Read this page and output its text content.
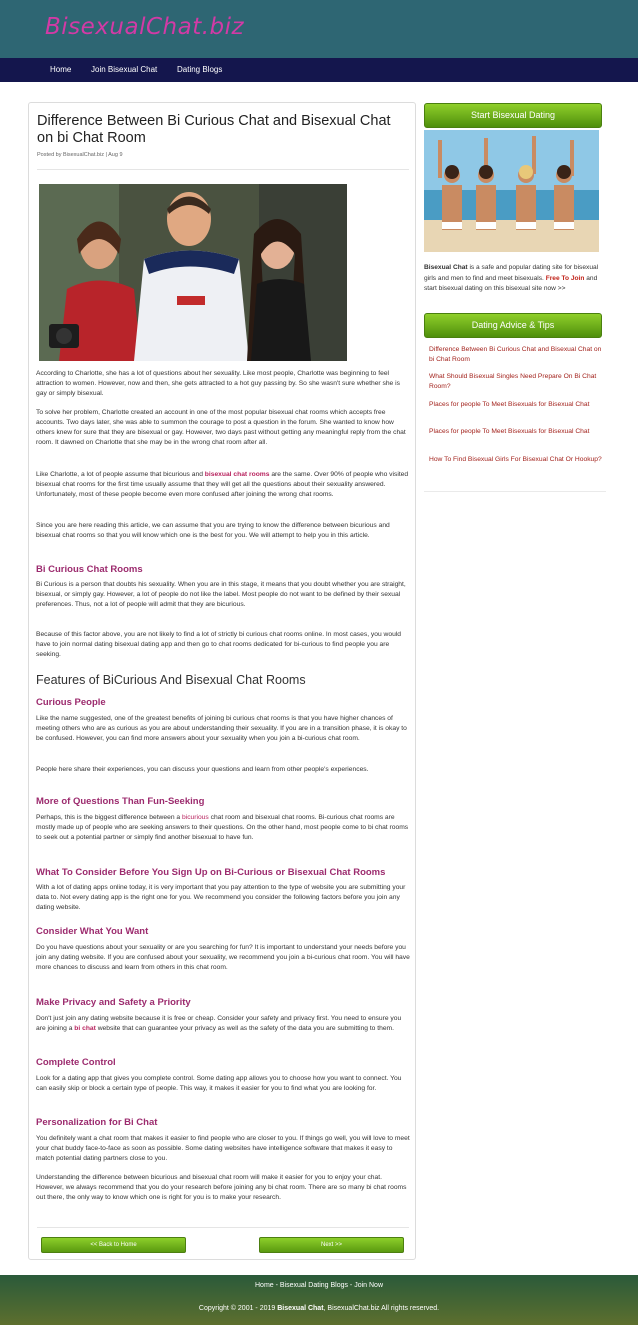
BisexualChat.biz
Home Join Bisexual Chat Dating Blogs
Difference Between Bi Curious Chat and Bisexual Chat on bi Chat Room
Posted by BisexualChat.biz | Aug 9
According to Charlotte, she has a lot of questions about her sexuality. Like most people, Charlotte was beginning to feel attraction to women. However, now and then, she gets attracted to a hot guy passing by. So she wasn't sure whether she is gay or simply bisexual.
To solve her problem, Charlotte created an account in one of the most popular bisexual chat rooms which accepts free accounts. Two days later, she was able to summon the courage to post a question in the forum. She wanted to know how others knew for sure that they are bisexual or gay. However, two days past without getting any meaningful reply from the chat room. It dawned on Charlotte that she may be in the wrong chat room after all.
Like Charlotte, a lot of people assume that bicurious and bisexual chat rooms are the same. Over 90% of people who visited bisexual chat rooms for the first time usually assume that they will get all the questions about their sexuality answered. Unfortunately, most of these people become even more confused after joining the wrong chat rooms.
Since you are here reading this article, we can assume that you are trying to know the difference between bicurious and bisexual chat rooms so that you will know which one is the best for you. We will attempt to help you in this article.
Bi Curious Chat Rooms
Bi Curious is a person that doubts his sexuality. When you are in this stage, it means that you doubt whether you are straight, bisexual, or simply gay. However, a lot of people do not like the label. Most people do not want to be defined by their sexual preferences. Thus, not a lot of people will admit that they are bicurious.
Because of this factor above, you are not likely to find a lot of strictly bi curious chat rooms online. In most cases, you would have to join normal dating bisexual dating app and then go to chat rooms dedicated for bi-curious to find people you are seeking.
Features of BiCurious And Bisexual Chat Rooms
Curious People
Like the name suggested, one of the greatest benefits of joining bi curious chat rooms is that you have higher chances of meeting others who are as curious as you are about understanding their sexuality. If you are in a transition phase, it is okay to be confused. However, you can find more answers about your sexuality when you join a bi-curious chat room.
People here share their experiences, you can discuss your questions and learn from other people's experiences.
More of Questions Than Fun-Seeking
Perhaps, this is the biggest difference between a bicurious chat room and bisexual chat rooms. Bi-curious chat rooms are mostly made up of people who are seeking answers to their questions. On the other hand, most people come to bi chat rooms to seek out a potential partner or simply find another bisexual to have fun.
What To Consider Before You Sign Up on Bi-Curious or Bisexual Chat Rooms
With a lot of dating apps online today, it is very important that you pay attention to the type of website you are submitting your data to. Not every dating app is the right one for you. We recommend you consider the following factors before you join any dating website.
Consider What You Want
Do you have questions about your sexuality or are you searching for fun? It is important to understand your needs before you join any dating website. If you are confused about your sexuality, we recommend you join a bi-curious chat room. You will have more chances to discuss and learn from others in this chat room.
Make Privacy and Safety a Priority
Don't just join any dating website because it is free or cheap. Consider your safety and privacy first. You need to ensure you are joining a bi chat website that can guarantee your privacy as well as the safety of the data you are submitting to them.
Complete Control
Look for a dating app that gives you complete control. Some dating app allows you to choose how you want to connect. You can easily skip or block a certain type of people. This way, it makes it easier for you to find what you are looking for.
Personalization for Bi Chat
You definitely want a chat room that makes it easier to find people who are closer to you. If things go well, you will love to meet your chat buddy face-to-face as soon as possible. Some dating websites have intelligence software that makes it easy to match potential dating partners close to you.
Understanding the difference between bicurious and bisexual chat room will make it easier for you to enjoy your chat. However, we always recommend that you do your research before joining any bi chat room. There are so many bi chat rooms out there, the only way to know which one is right for you is to make your research.
<< Back to Home	Next >>
Start Bisexual Dating
Bisexual Chat is a safe and popular dating site for bisexual girls and men to find and meet bisexuals. Free To Join and start bisexual dating on this bisexual site now >>
Dating Advice & Tips
Difference Between Bi Curious Chat and Bisexual Chat on bi Chat Room
What Should Bisexual Singles Need Prepare On Bi Chat Room?
Places for people To Meet Bisexuals for Bisexual Chat
Places for people To Meet Bisexuals for Bisexual Chat
How To Find Bisexual Girls For Bisexual Chat Or Hookup?
Home - Bisexual Dating Blogs - Join Now
Copyright © 2001 - 2019 Bisexual Chat, BisexualChat.biz All rights reserved.
